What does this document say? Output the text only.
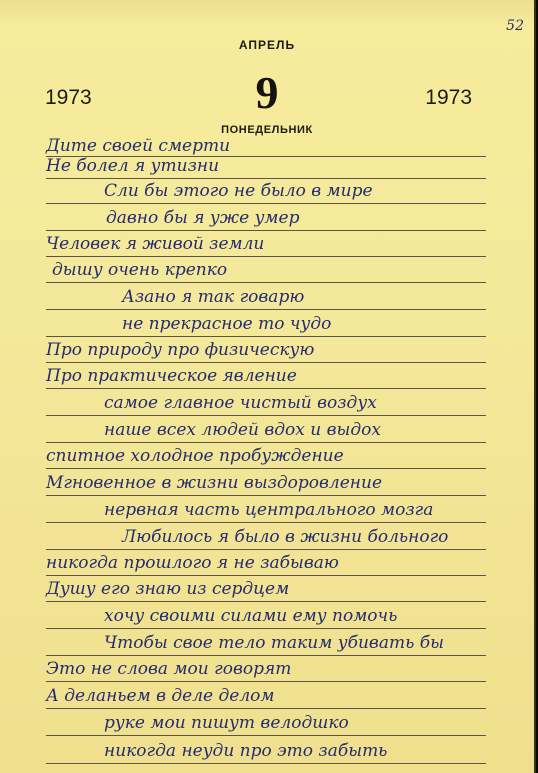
52
АПРЕЛЬ
1973	9	1973
ПОНЕДЕЛЬНИК
Дите своей смерти
Не болел я утизни
Сли бы этого не было в мире
давно бы я уже умер
Человек я живой земли
дышу очень крепко
Азано я так говарю
не прекрасное то чудо
Про природу про физическую
Про практическое явление
самое главное чистый воздух
наше всех людей вдох и выдох
спитное холодное пробуждение
Мгновенное в жизни выздоровление
нервная часть центрального мозга
Любилось я было в жизни больного
никогда прошлого я не забываю
Душу его знаю из сердцем
хочу своими силами ему помочь
Чтобы свое тело таким убивать бы
Это не слова мои говорят
А деланьем в деле делом
руке мои пишут велодшко
никогда неуди про это забыть
